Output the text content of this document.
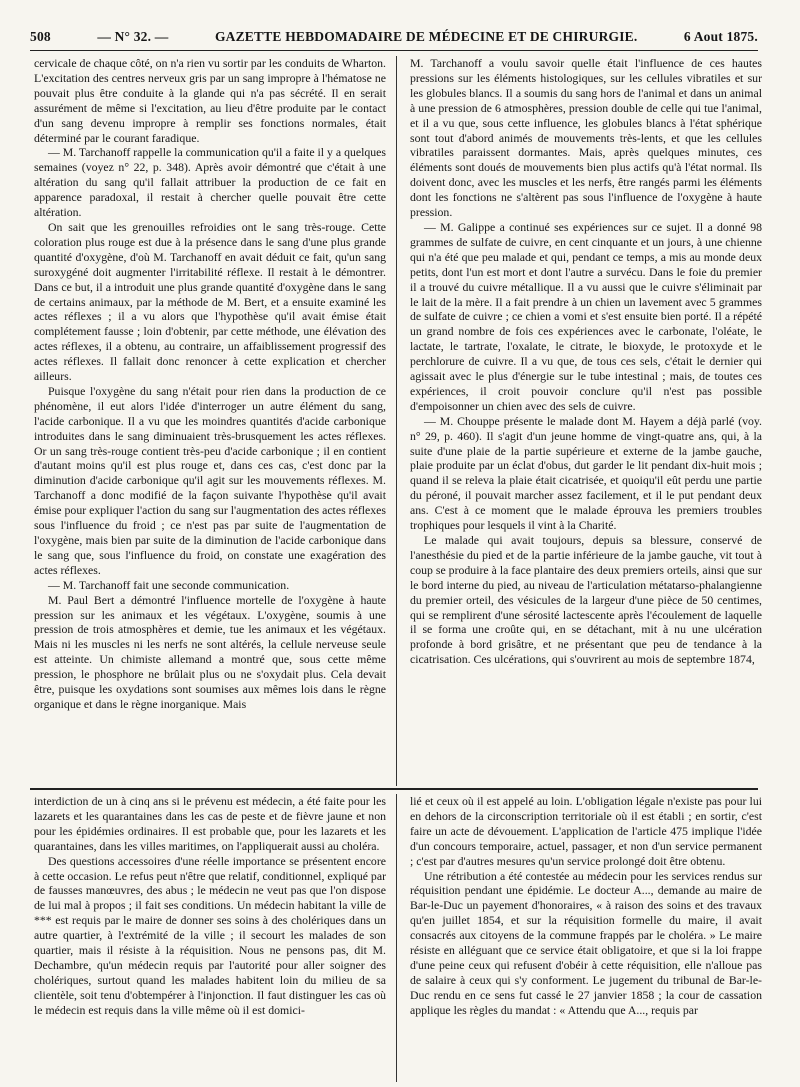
508	— N° 32. —	GAZETTE HEBDOMADAIRE DE MÉDECINE ET DE CHIRURGIE.	6 Aout 1875.

cervicale de chaque côté, on n'a rien vu sortir par les conduits de Wharton. L'excitation des centres nerveux gris par un sang impropre à l'hématose ne pouvait plus être conduite à la glande qui n'a pas sécrété. Il en serait assurément de même si l'excitation, au lieu d'être produite par le contact d'un sang devenu impropre à remplir ses fonctions normales, était déterminé par le courant faradique.

— M. Tarchanoff rappelle la communication qu'il a faite il y a quelques semaines (voyez n° 22, p. 348). Après avoir démontré que c'était à une altération du sang qu'il fallait attribuer la production de ce fait en apparence paradoxal, il restait à chercher quelle pouvait être cette altération.

On sait que les grenouilles refroidies ont le sang très-rouge. Cette coloration plus rouge est due à la présence dans le sang d'une plus grande quantité d'oxygène, d'où M. Tarchanoff en avait déduit ce fait, qu'un sang suroxygéné doit augmenter l'irritabilité réflexe. Il restait à le démontrer. Dans ce but, il a introduit une plus grande quantité d'oxygène dans le sang de certains animaux, par la méthode de M. Bert, et a ensuite examiné les actes réflexes ; il a vu alors que l'hypothèse qu'il avait émise était complétement fausse ; loin d'obtenir, par cette méthode, une élévation des actes réflexes, il a obtenu, au contraire, un affaiblissement progressif des actes réflexes. Il fallait donc renoncer à cette explication et chercher ailleurs.

Puisque l'oxygène du sang n'était pour rien dans la production de ce phénomène, il eut alors l'idée d'interroger un autre élément du sang, l'acide carbonique. Il a vu que les moindres quantités d'acide carbonique introduites dans le sang diminuaient très-brusquement les actes réflexes. Or un sang très-rouge contient très-peu d'acide carbonique ; il en contient d'autant moins qu'il est plus rouge et, dans ces cas, c'est donc par la diminution d'acide carbonique qu'il agit sur les mouvements réflexes. M. Tarchanoff a donc modifié de la façon suivante l'hypothèse qu'il avait émise pour expliquer l'action du sang sur l'augmentation des actes réflexes sous l'influence du froid ; ce n'est pas par suite de l'augmentation de l'oxygène, mais bien par suite de la diminution de l'acide carbonique dans le sang que, sous l'influence du froid, on constate une exagération des actes réflexes.

— M. Tarchanoff fait une seconde communication.

M. Paul Bert a démontré l'influence mortelle de l'oxygène à haute pression sur les animaux et les végétaux. L'oxygène, soumis à une pression de trois atmosphères et demie, tue les animaux et les végétaux. Mais ni les muscles ni les nerfs ne sont altérés, la cellule nerveuse seule est atteinte. Un chimiste allemand a montré que, sous cette même pression, le phosphore ne brûlait plus ou ne s'oxydait plus. Cela devait être, puisque les oxydations sont soumises aux mêmes lois dans le règne organique et dans le règne inorganique. Mais

M. Tarchanoff a voulu savoir quelle était l'influence de ces hautes pressions sur les éléments histologiques, sur les cellules vibratiles et sur les globules blancs. Il a soumis du sang hors de l'animal et dans un animal à une pression de 6 atmosphères, pression double de celle qui tue l'animal, et il a vu que, sous cette influence, les globules blancs à l'état sphérique sont tout d'abord animés de mouvements très-lents, et que les cellules vibratiles paraissent dormantes. Mais, après quelques minutes, ces éléments sont doués de mouvements bien plus actifs qu'à l'état normal. Ils doivent donc, avec les muscles et les nerfs, être rangés parmi les éléments dont les fonctions ne s'altèrent pas sous l'influence de l'oxygène à haute pression.

— M. Galippe a continué ses expériences sur ce sujet. Il a donné 98 grammes de sulfate de cuivre, en cent cinquante et un jours, à une chienne qui n'a été que peu malade et qui, pendant ce temps, a mis au monde deux petits, dont l'un est mort et dont l'autre a survécu. Dans le foie du premier il a trouvé du cuivre métallique. Il a vu aussi que le cuivre s'éliminait par le lait de la mère. Il a fait prendre à un chien un lavement avec 5 grammes de sulfate de cuivre ; ce chien a vomi et s'est ensuite bien porté. Il a répété un grand nombre de fois ces expériences avec le carbonate, l'oléate, le lactate, le tartrate, l'oxalate, le citrate, le bioxyde, le protoxyde et le perchlorure de cuivre. Il a vu que, de tous ces sels, c'était le dernier qui agissait avec le plus d'énergie sur le tube intestinal ; mais, de toutes ces expériences, il croit pouvoir conclure qu'il n'est pas possible d'empoisonner un chien avec des sels de cuivre.

— M. Chouppe présente le malade dont M. Hayem a déjà parlé (voy. n° 29, p. 460). Il s'agit d'un jeune homme de vingt-quatre ans, qui, à la suite d'une plaie de la partie supérieure et externe de la jambe gauche, plaie produite par un éclat d'obus, dut garder le lit pendant dix-huit mois ; quand il se releva la plaie était cicatrisée, et quoiqu'il eût perdu une partie du péroné, il pouvait marcher assez facilement, et il le put pendant deux ans. C'est à ce moment que le malade éprouva les premiers troubles trophiques pour lesquels il vint à la Charité.

Le malade qui avait toujours, depuis sa blessure, conservé de l'anesthésie du pied et de la partie inférieure de la jambe gauche, vit tout à coup se produire à la face plantaire des deux premiers orteils, ainsi que sur le bord interne du pied, au niveau de l'articulation métatarso-phalangienne du premier orteil, des vésicules de la largeur d'une pièce de 50 centimes, qui se remplirent d'une sérosité lactescente après l'écoulement de laquelle il se forma une croûte qui, en se détachant, mit à nu une ulcération profonde à bord grisâtre, et ne présentant que peu de tendance à la cicatrisation. Ces ulcérations, qui s'ouvrirent au mois de septembre 1874,

interdiction de un à cinq ans si le prévenu est médecin, a été faite pour les lazarets et les quarantaines dans les cas de peste et de fièvre jaune et non pour les épidémies ordinaires. Il est probable que, pour les lazarets et les quarantaines, dans les villes maritimes, on l'appliquerait aussi au choléra.

Des questions accessoires d'une réelle importance se présentent encore à cette occasion. Le refus peut n'être que relatif, conditionnel, expliqué par de fausses manœuvres, des abus ; le médecin ne veut pas que l'on dispose de lui mal à propos ; il fait ses conditions. Un médecin habitant la ville de *** est requis par le maire de donner ses soins à des cholériques dans un autre quartier, à l'extrémité de la ville ; il secourt les malades de son quartier, mais il résiste à la réquisition. Nous ne pensons pas, dit M. Dechambre, qu'un médecin requis par l'autorité pour aller soigner des cholériques, surtout quand les malades habitent loin du milieu de sa clientèle, soit tenu d'obtempérer à l'injonction. Il faut distinguer les cas où le médecin est requis dans la ville même où il est domici-

lié et ceux où il est appelé au loin. L'obligation légale n'existe pas pour lui en dehors de la circonscription territoriale où il est établi ; en sortir, c'est faire un acte de dévouement. L'application de l'article 475 implique l'idée d'un concours temporaire, actuel, passager, et non d'un service permanent ; c'est par d'autres mesures qu'un service prolongé doit être obtenu.

Une rétribution a été contestée au médecin pour les services rendus sur réquisition pendant une épidémie. Le docteur A..., demande au maire de Bar-le-Duc un payement d'honoraires, « à raison des soins et des travaux qu'en juillet 1854, et sur la réquisition formelle du maire, il avait consacrés aux citoyens de la commune frappés par le choléra. » Le maire résiste en alléguant que ce service était obligatoire, et que si la loi frappe d'une peine ceux qui refusent d'obéir à cette réquisition, elle n'alloue pas de salaire à ceux qui s'y conforment. Le jugement du tribunal de Bar-le-Duc rendu en ce sens fut cassé le 27 janvier 1858 ; la cour de cassation applique les règles du mandat : « Attendu que A..., requis par
